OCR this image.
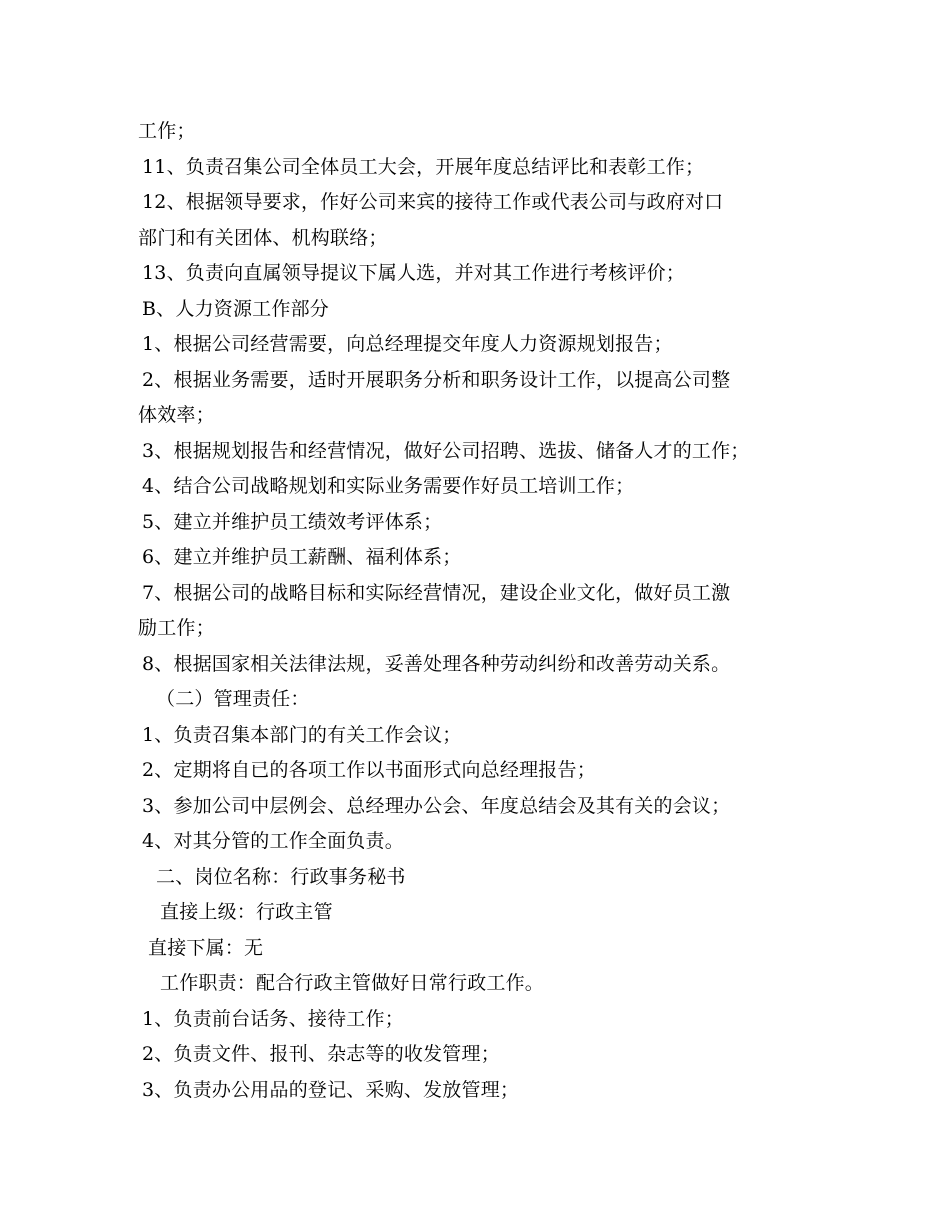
工作；
11、负责召集公司全体员工大会，开展年度总结评比和表彰工作；
12、根据领导要求，作好公司来宾的接待工作或代表公司与政府对口
部门和有关团体、机构联络；
13、负责向直属领导提议下属人选，并对其工作进行考核评价；
B、人力资源工作部分
1、根据公司经营需要，向总经理提交年度人力资源规划报告；
2、根据业务需要，适时开展职务分析和职务设计工作，以提高公司整
体效率；
3、根据规划报告和经营情况，做好公司招聘、选拔、储备人才的工作；
4、结合公司战略规划和实际业务需要作好员工培训工作；
5、建立并维护员工绩效考评体系；
6、建立并维护员工薪酬、福利体系；
7、根据公司的战略目标和实际经营情况，建设企业文化，做好员工激
励工作；
8、根据国家相关法律法规，妥善处理各种劳动纠纷和改善劳动关系。
（二）管理责任：
1、负责召集本部门的有关工作会议；
2、定期将自已的各项工作以书面形式向总经理报告；
3、参加公司中层例会、总经理办公会、年度总结会及其有关的会议；
4、对其分管的工作全面负责。
二、岗位名称：行政事务秘书
直接上级：行政主管
直接下属：无
工作职责：配合行政主管做好日常行政工作。
1、负责前台话务、接待工作；
2、负责文件、报刊、杂志等的收发管理；
3、负责办公用品的登记、采购、发放管理；
